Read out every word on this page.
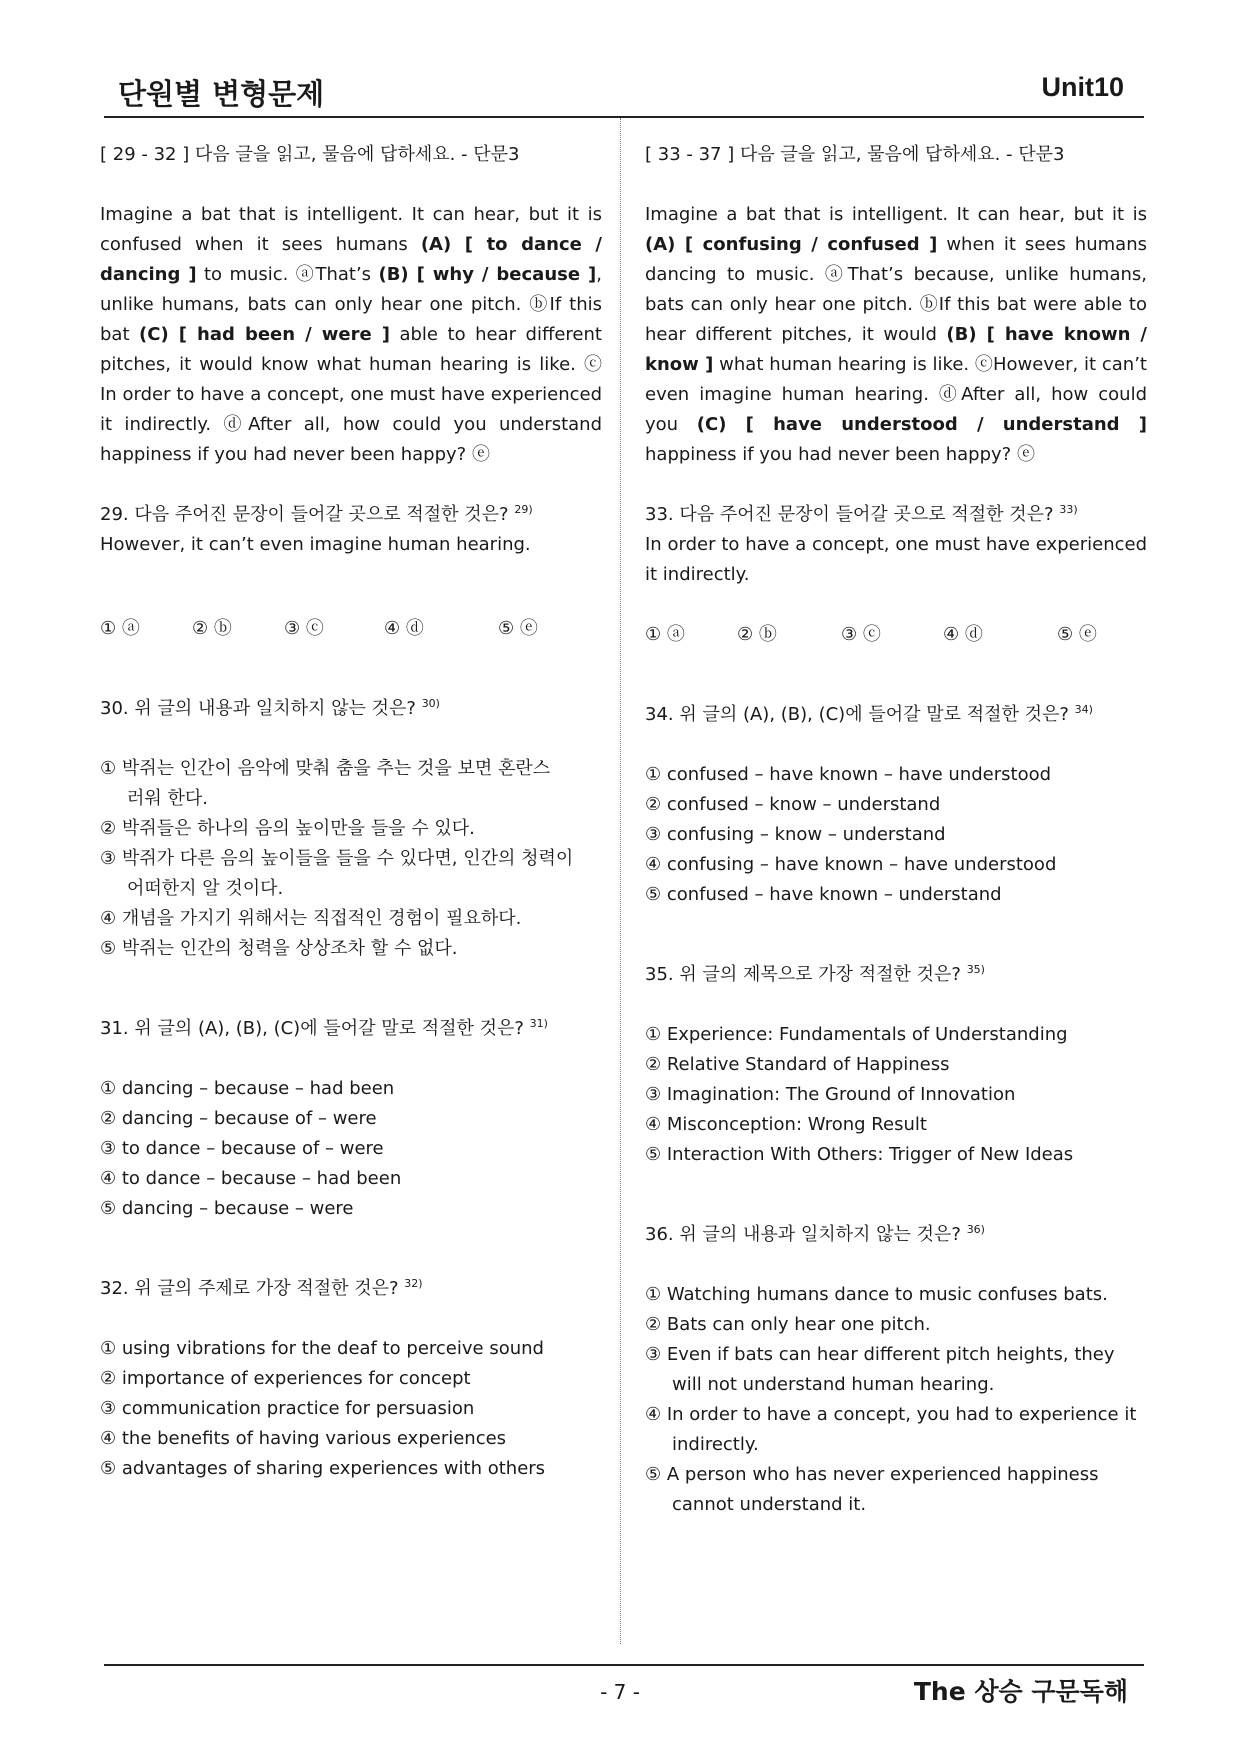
단원별 변형문제	Unit10

[ 29 - 32 ] 다음 글을 읽고, 물음에 답하세요. - 단문3

Imagine a bat that is intelligent. It can hear, but it is confused when it sees humans (A) [ to dance / dancing ] to music. ⓐThat’s (B) [ why / because ], unlike humans, bats can only hear one pitch. ⓑIf this bat (C) [ had been / were ] able to hear different pitches, it would know what human hearing is like. ⓒ In order to have a concept, one must have experienced it indirectly. ⓓAfter all, how could you understand happiness if you had never been happy? ⓔ

29. 다음 주어진 문장이 들어갈 곳으로 적절한 것은? $^{29)}$

However, it can’t even imagine human hearing.

① ⓐ	② ⓑ	③ ⓒ	④ ⓓ	⑤ ⓔ

30. 위 글의 내용과 일치하지 않는 것은? $^{30)}$

① 박쥐는 인간이 음악에 맞춰 춤을 추는 것을 보면 혼란스러워 한다.

② 박쥐들은 하나의 음의 높이만을 들을 수 있다.

③ 박쥐가 다른 음의 높이들을 들을 수 있다면, 인간의 청력이 어떠한지 알 것이다.

④ 개념을 가지기 위해서는 직접적인 경험이 필요하다.

⑤ 박쥐는 인간의 청력을 상상조차 할 수 없다.

31. 위 글의 (A), (B), (C)에 들어갈 말로 적절한 것은? $^{31)}$

① dancing – because – had been

② dancing – because of – were

③ to dance – because of – were

④ to dance – because – had been

⑤ dancing – because – were

32. 위 글의 주제로 가장 적절한 것은? $^{32)}$

① using vibrations for the deaf to perceive sound

② importance of experiences for concept

③ communication practice for persuasion

④ the benefits of having various experiences

⑤ advantages of sharing experiences with others

[ 33 - 37 ] 다음 글을 읽고, 물음에 답하세요. - 단문3

Imagine a bat that is intelligent. It can hear, but it is (A) [ confusing / confused ] when it sees humans dancing to music. ⓐThat’s because, unlike humans, bats can only hear one pitch. ⓑIf this bat were able to hear different pitches, it would (B) [ have known / know ] what human hearing is like. ⓒHowever, it can’t even imagine human hearing. ⓓAfter all, how could you (C) [ have understood / understand ] happiness if you had never been happy? ⓔ

33. 다음 주어진 문장이 들어갈 곳으로 적절한 것은? $^{33)}$

In order to have a concept, one must have experienced it indirectly.

① ⓐ	② ⓑ	③ ⓒ	④ ⓓ	⑤ ⓔ

34. 위 글의 (A), (B), (C)에 들어갈 말로 적절한 것은? $^{34)}$

① confused – have known – have understood

② confused – know – understand

③ confusing – know – understand

④ confusing – have known – have understood

⑤ confused – have known – understand

35. 위 글의 제목으로 가장 적절한 것은? $^{35)}$

① Experience: Fundamentals of Understanding

② Relative Standard of Happiness

③ Imagination: The Ground of Innovation

④ Misconception: Wrong Result

⑤ Interaction With Others: Trigger of New Ideas

36. 위 글의 내용과 일치하지 않는 것은? $^{36)}$

① Watching humans dance to music confuses bats.

② Bats can only hear one pitch.

③ Even if bats can hear different pitch heights, they will not understand human hearing.

④ In order to have a concept, you had to experience it indirectly.

⑤ A person who has never experienced happiness cannot understand it.

- 7 -	The 상승 구문독해
